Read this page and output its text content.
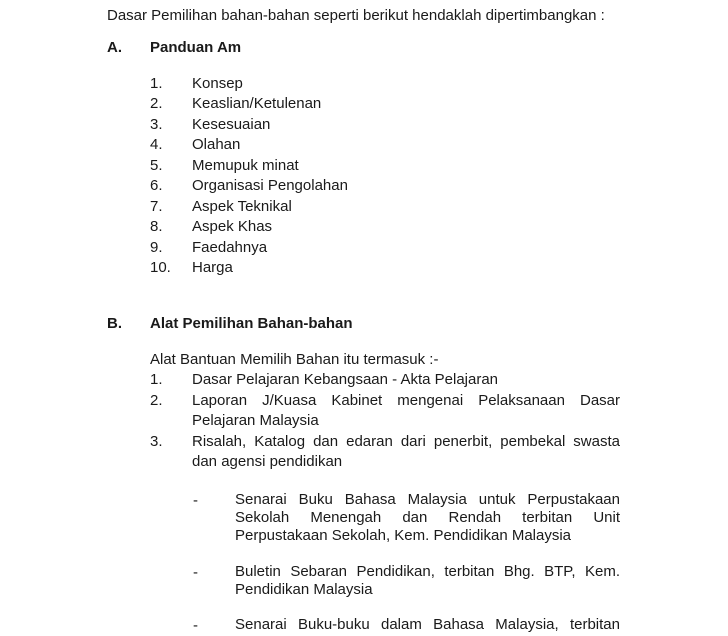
Dasar Pemilihan bahan-bahan seperti berikut hendaklah dipertimbangkan :
A. Panduan Am
1. Konsep
2. Keaslian/Ketulenan
3. Kesesuaian
4. Olahan
5. Memupuk minat
6. Organisasi Pengolahan
7. Aspek Teknikal
8. Aspek Khas
9. Faedahnya
10. Harga
B. Alat Pemilihan Bahan-bahan
Alat Bantuan Memilih Bahan itu termasuk :-
1. Dasar Pelajaran Kebangsaan - Akta Pelajaran
2. Laporan J/Kuasa Kabinet mengenai Pelaksanaan Dasar
Pelajaran Malaysia
3. Risalah, Katalog dan edaran dari penerbit, pembekal swasta
dan agensi pendidikan
- Senarai Buku Bahasa Malaysia untuk Perpustakaan
Sekolah Menengah dan Rendah terbitan Unit
Perpustakaan Sekolah, Kem. Pendidikan Malaysia
- Buletin Sebaran Pendidikan, terbitan Bhg. BTP, Kem.
Pendidikan Malaysia
- Senarai Buku-buku dalam Bahasa Malaysia, terbitan
